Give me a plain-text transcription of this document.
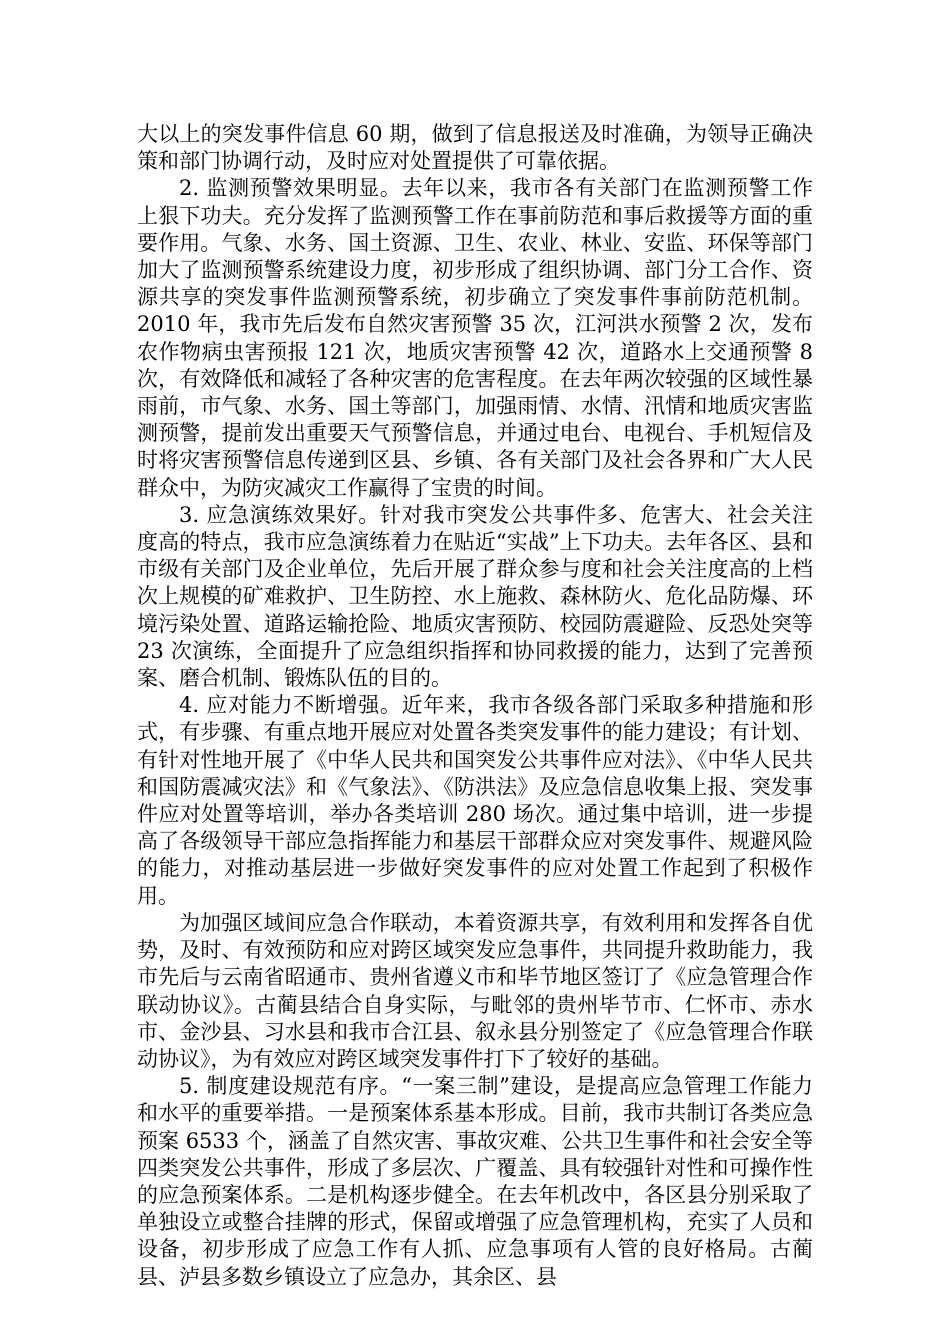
大以上的突发事件信息 60 期，做到了信息报送及时准确，为领导正确决策和部门协调行动，及时应对处置提供了可靠依据。

2. 监测预警效果明显。去年以来，我市各有关部门在监测预警工作上狠下功夫。充分发挥了监测预警工作在事前防范和事后救援等方面的重要作用。气象、水务、国土资源、卫生、农业、林业、安监、环保等部门加大了监测预警系统建设力度，初步形成了组织协调、部门分工合作、资源共享的突发事件监测预警系统，初步确立了突发事件事前防范机制。2010 年，我市先后发布自然灾害预警 35 次，江河洪水预警 2 次，发布农作物病虫害预报 121 次，地质灾害预警 42 次，道路水上交通预警 8 次，有效降低和减轻了各种灾害的危害程度。在去年两次较强的区域性暴雨前，市气象、水务、国土等部门，加强雨情、水情、汛情和地质灾害监测预警，提前发出重要天气预警信息，并通过电台、电视台、手机短信及时将灾害预警信息传递到区县、乡镇、各有关部门及社会各界和广大人民群众中，为防灾减灾工作赢得了宝贵的时间。

3. 应急演练效果好。针对我市突发公共事件多、危害大、社会关注度高的特点，我市应急演练着力在贴近“实战”上下功夫。去年各区、县和市级有关部门及企业单位，先后开展了群众参与度和社会关注度高的上档次上规模的矿难救护、卫生防控、水上施救、森林防火、危化品防爆、环境污染处置、道路运输抢险、地质灾害预防、校园防震避险、反恐处突等 23 次演练，全面提升了应急组织指挥和协同救援的能力，达到了完善预案、磨合机制、锻炼队伍的目的。

4. 应对能力不断增强。近年来，我市各级各部门采取多种措施和形式，有步骤、有重点地开展应对处置各类突发事件的能力建设；有计划、有针对性地开展了《中华人民共和国突发公共事件应对法》、《中华人民共和国防震减灾法》和《气象法》、《防洪法》及应急信息收集上报、突发事件应对处置等培训，举办各类培训 280 场次。通过集中培训，进一步提高了各级领导干部应急指挥能力和基层干部群众应对突发事件、规避风险的能力，对推动基层进一步做好突发事件的应对处置工作起到了积极作用。

为加强区域间应急合作联动，本着资源共享，有效利用和发挥各自优势，及时、有效预防和应对跨区域突发应急事件，共同提升救助能力，我市先后与云南省昭通市、贵州省遵义市和毕节地区签订了《应急管理合作联动协议》。古蔺县结合自身实际，与毗邻的贵州毕节市、仁怀市、赤水市、金沙县、习水县和我市合江县、叙永县分别签定了《应急管理合作联动协议》，为有效应对跨区域突发事件打下了较好的基础。

5. 制度建设规范有序。“一案三制”建设，是提高应急管理工作能力和水平的重要举措。一是预案体系基本形成。目前，我市共制订各类应急预案 6533 个，涵盖了自然灾害、事故灾难、公共卫生事件和社会安全等四类突发公共事件，形成了多层次、广覆盖、具有较强针对性和可操作性的应急预案体系。二是机构逐步健全。在去年机改中，各区县分别采取了单独设立或整合挂牌的形式，保留或增强了应急管理机构，充实了人员和设备，初步形成了应急工作有人抓、应急事项有人管的良好格局。古蔺县、泸县多数乡镇设立了应急办，其余区、县
